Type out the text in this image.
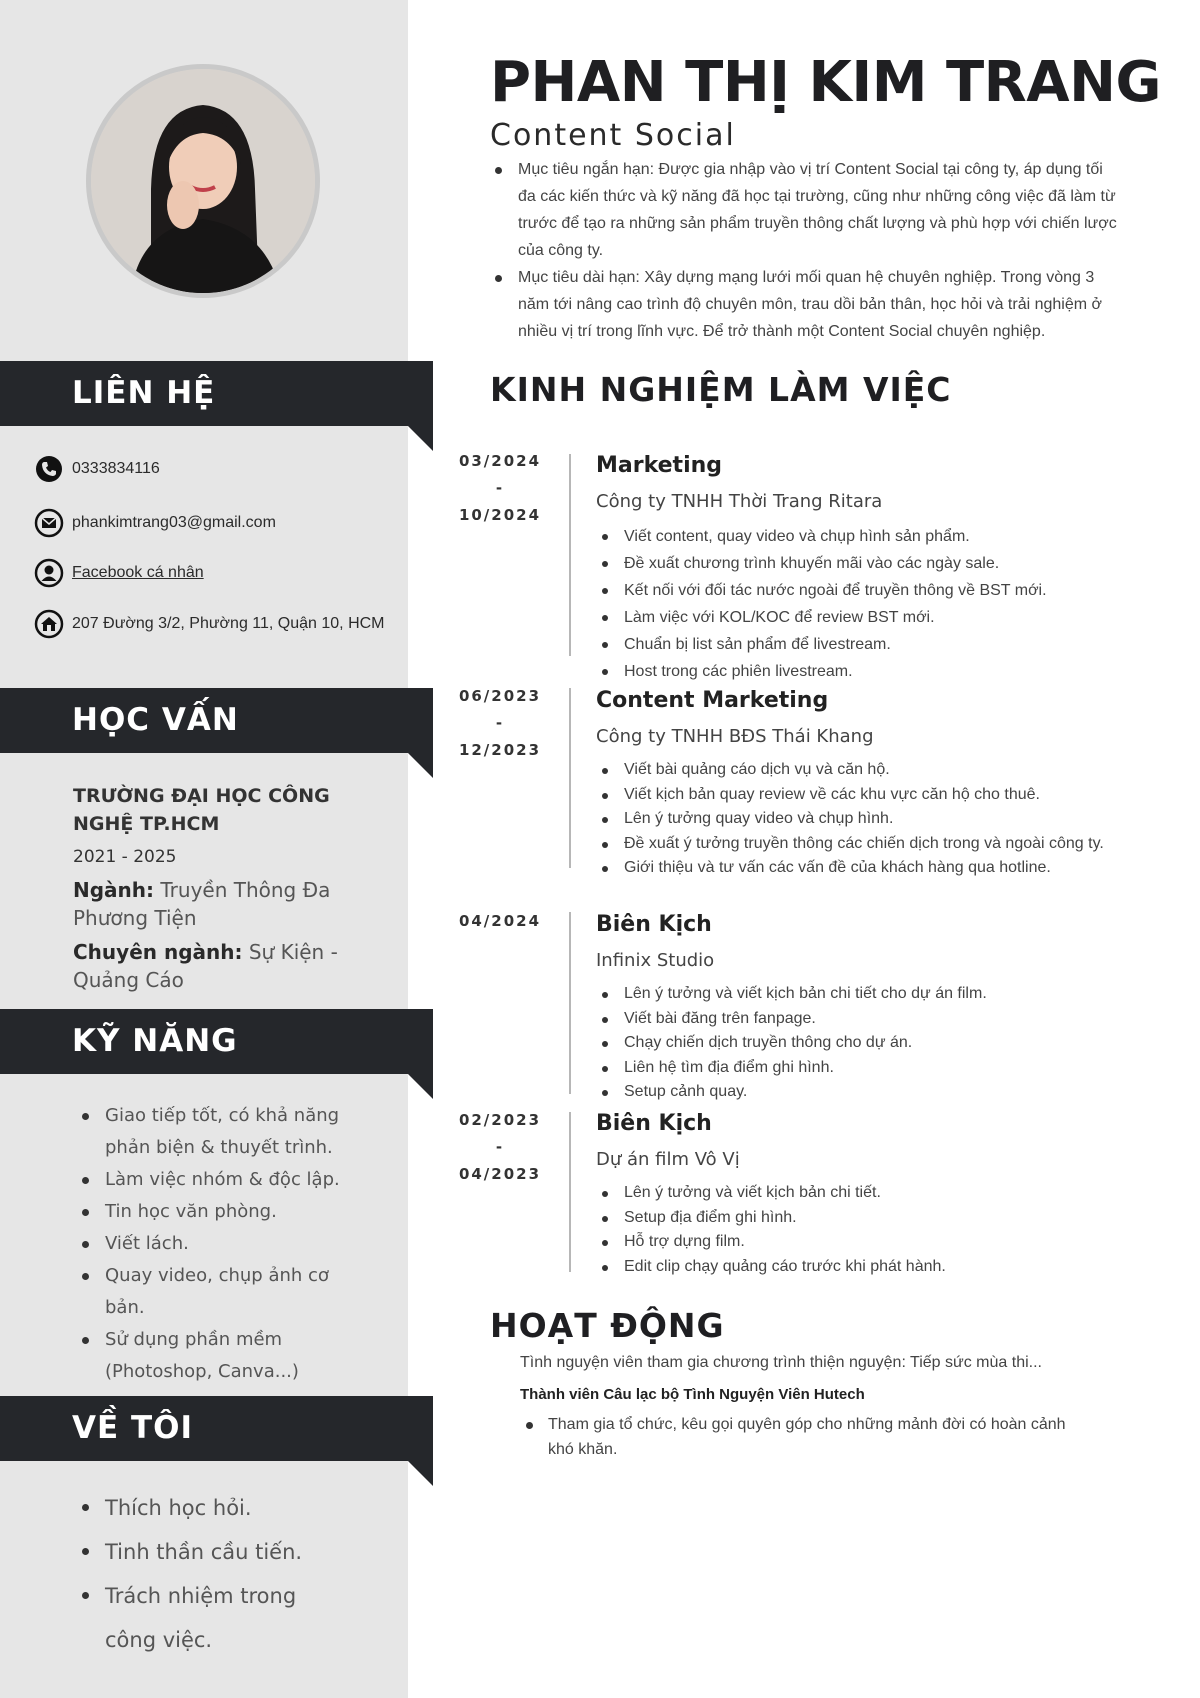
LIÊN HỆ
0333834116
phankimtrang03@gmail.com
Facebook cá nhân
207 Đường 3/2, Phường 11, Quận 10, HCM
HỌC VẤN
TRƯỜNG ĐẠI HỌC CÔNG NGHỆ TP.HCM
2021 - 2025
Ngành: Truyền Thông Đa Phương Tiện
Chuyên ngành: Sự Kiện - Quảng Cáo
KỸ NĂNG
Giao tiếp tốt, có khả năng phản biện & thuyết trình.
Làm việc nhóm & độc lập.
Tin học văn phòng.
Viết lách.
Quay video, chụp ảnh cơ bản.
Sử dụng phần mềm (Photoshop, Canva...)
VỀ TÔI
Thích học hỏi.
Tinh thần cầu tiến.
Trách nhiệm trong công việc.
PHAN THỊ KIM TRANG
Content Social
Mục tiêu ngắn hạn: Được gia nhập vào vị trí Content Social tại công ty, áp dụng tối đa các kiến thức và kỹ năng đã học tại trường, cũng như những công việc đã làm từ trước để tạo ra những sản phẩm truyền thông chất lượng và phù hợp với chiến lược của công ty.
Mục tiêu dài hạn: Xây dựng mạng lưới mối quan hệ chuyên nghiệp. Trong vòng 3 năm tới nâng cao trình độ chuyên môn, trau dồi bản thân, học hỏi và trải nghiệm ở nhiều vị trí trong lĩnh vực. Để trở thành một Content Social chuyên nghiệp.
KINH NGHIỆM LÀM VIỆC
03/2024
-
10/2024
Marketing
Công ty TNHH Thời Trang Ritara
Viết content, quay video và chụp hình sản phẩm.
Đề xuất chương trình khuyến mãi vào các ngày sale.
Kết nối với đối tác nước ngoài để truyền thông về BST mới.
Làm việc với KOL/KOC để review BST mới.
Chuẩn bị list sản phẩm để livestream.
Host trong các phiên livestream.
06/2023
-
12/2023
Content Marketing
Công ty TNHH BĐS Thái Khang
Viết bài quảng cáo dịch vụ và căn hộ.
Viết kịch bản quay review về các khu vực căn hộ cho thuê.
Lên ý tưởng quay video và chụp hình.
Đề xuất ý tưởng truyền thông các chiến dịch trong và ngoài công ty.
Giới thiệu và tư vấn các vấn đề của khách hàng qua hotline.
04/2024 Biên Kịch
Infinix Studio
Lên ý tưởng và viết kịch bản chi tiết cho dự án film.
Viết bài đăng trên fanpage.
Chạy chiến dịch truyền thông cho dự án.
Liên hệ tìm địa điểm ghi hình.
Setup cảnh quay.
02/2023
-
04/2023
Biên Kịch
Dự án film Vô Vị
Lên ý tưởng và viết kịch bản chi tiết.
Setup địa điểm ghi hình.
Hỗ trợ dựng film.
Edit clip chạy quảng cáo trước khi phát hành.
HOẠT ĐỘNG
Tình nguyện viên tham gia chương trình thiện nguyện: Tiếp sức mùa thi...
Thành viên Câu lạc bộ Tình Nguyện Viên Hutech
Tham gia tổ chức, kêu gọi quyên góp cho những mảnh đời có hoàn cảnh khó khăn.
